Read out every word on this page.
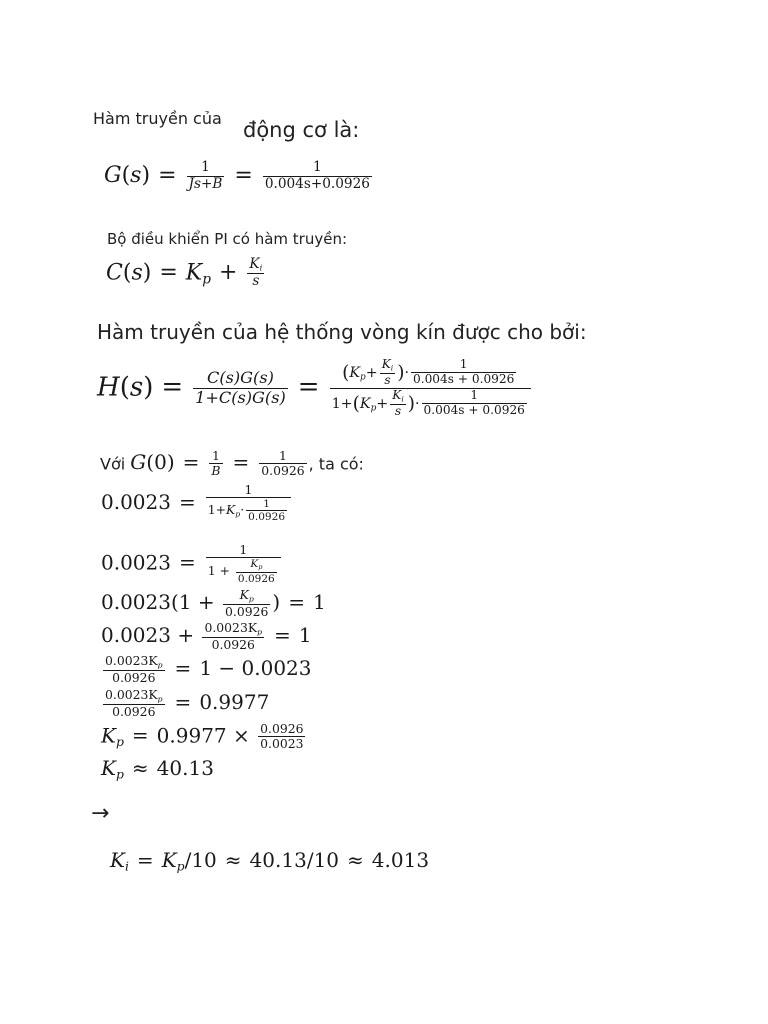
Hàm truyền của động cơ là:
$G(s) = \frac{1}{Js+B} = \frac{1}{0.004s+0.0926}$
Bộ điều khiển PI có hàm truyền:
$C(s) = K_p + \frac{K_i}{s}$
Hàm truyền của hệ thống vòng kín được cho bởi:
$H(s) = \frac{C(s)G(s)}{1+C(s)G(s)} = \frac{(K_p+ \frac{K_i}{s} )\cdot \frac{1}{0.004s + 0.0926}}{1+(K_p+ \frac{K_i}{s} )\cdot \frac{1}{0.004s + 0.0926}}$
Với $G(0) = \frac{1}{B} = \frac{1}{0.0926}$ , ta có:
$0.0023 = \frac{1}{1+K_p\cdot \frac{1}{0.0926}}$
$0.0023 = \frac{1}{1 + \frac{K_p}{0.0926}}$
$0.0023(1 + \frac{K_p}{0.0926}$ ) = 1
$0.0023 + \frac{0.0023K_p}{0.0926} = 1$
$\frac{0.0023K_p}{0.0926} = 1 - 0.0023$
$\frac{0.0023K_p}{0.0926} = 0.9977$
$K_p = 0.9977 \times \frac{0.0926}{0.0023}$
$K_p \approx 40.13$
→
$K_i = K_p/10 \approx 40.13/10 \approx 4.013$
